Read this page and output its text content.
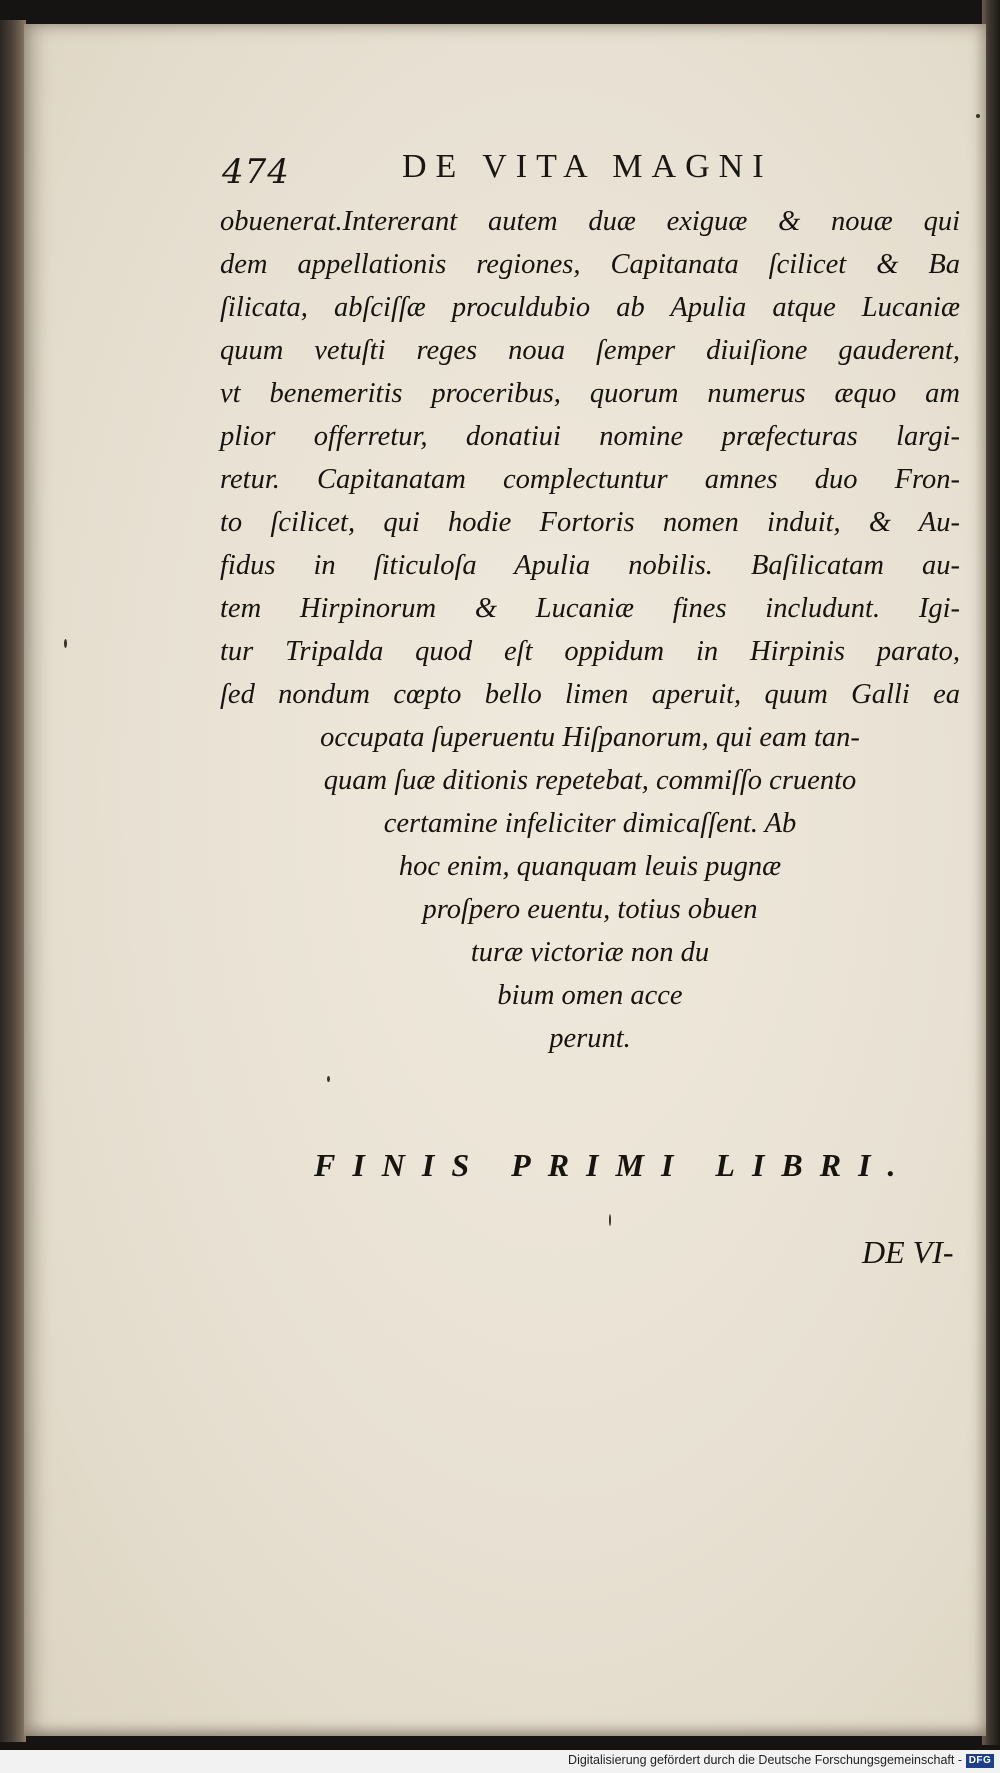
474	DE VITA MAGNI
obuenerat.Intererant autem duæ exiguæ & nouæ qui
dem appellationis regiones, Capitanata ſcilicet & Ba
ſilicata, abſciſſæ proculdubio ab Apulia atque Lucaniæ
quum vetuſti reges noua ſemper diuiſione gauderent,
vt benemeritis proceribus, quorum numerus æquo am
plior offerretur, donatiui nomine præfecturas largi-
retur. Capitanatam complectuntur amnes duo Fron-
to ſcilicet, qui hodie Fortoris nomen induit, & Au-
fidus in ſiticuloſa Apulia nobilis. Baſilicatam au-
tem Hirpinorum & Lucaniæ fines includunt. Igi-
tur Tripalda quod eſt oppidum in Hirpinis parato,
ſed nondum cœpto bello limen aperuit, quum Galli ea
occupata ſuperuentu Hiſpanorum, qui eam tan-
quam ſuæ ditionis repetebat, commiſſo cruento
certamine infeliciter dimicaſſent. Ab
hoc enim, quanquam leuis pugnæ
proſpero euentu, totius obuen
turæ victoriæ non du
bium omen acce
perunt.
FINIS PRIMI LIBRI.
DE VI-
Digitalisierung gefördert durch die Deutsche Forschungsgemeinschaft - DFG
